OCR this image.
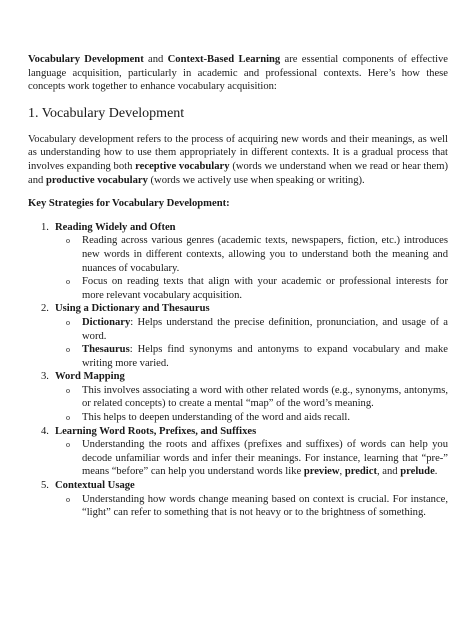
Vocabulary Development and Context-Based Learning are essential components of effective language acquisition, particularly in academic and professional contexts. Here’s how these concepts work together to enhance vocabulary acquisition:

1. Vocabulary Development

Vocabulary development refers to the process of acquiring new words and their meanings, as well as understanding how to use them appropriately in different contexts. It is a gradual process that involves expanding both receptive vocabulary (words we understand when we read or hear them) and productive vocabulary (words we actively use when speaking or writing).

Key Strategies for Vocabulary Development:

1. Reading Widely and Often
o Reading across various genres (academic texts, newspapers, fiction, etc.) introduces new words in different contexts, allowing you to understand both the meaning and nuances of vocabulary.
o Focus on reading texts that align with your academic or professional interests for more relevant vocabulary acquisition.
2. Using a Dictionary and Thesaurus
o Dictionary: Helps understand the precise definition, pronunciation, and usage of a word.
o Thesaurus: Helps find synonyms and antonyms to expand vocabulary and make writing more varied.
3. Word Mapping
o This involves associating a word with other related words (e.g., synonyms, antonyms, or related concepts) to create a mental “map” of the word’s meaning.
o This helps to deepen understanding of the word and aids recall.
4. Learning Word Roots, Prefixes, and Suffixes
o Understanding the roots and affixes (prefixes and suffixes) of words can help you decode unfamiliar words and infer their meanings. For instance, learning that “pre-” means “before” can help you understand words like preview, predict, and prelude.
5. Contextual Usage
o Understanding how words change meaning based on context is crucial. For instance, “light” can refer to something that is not heavy or to the brightness of something.
